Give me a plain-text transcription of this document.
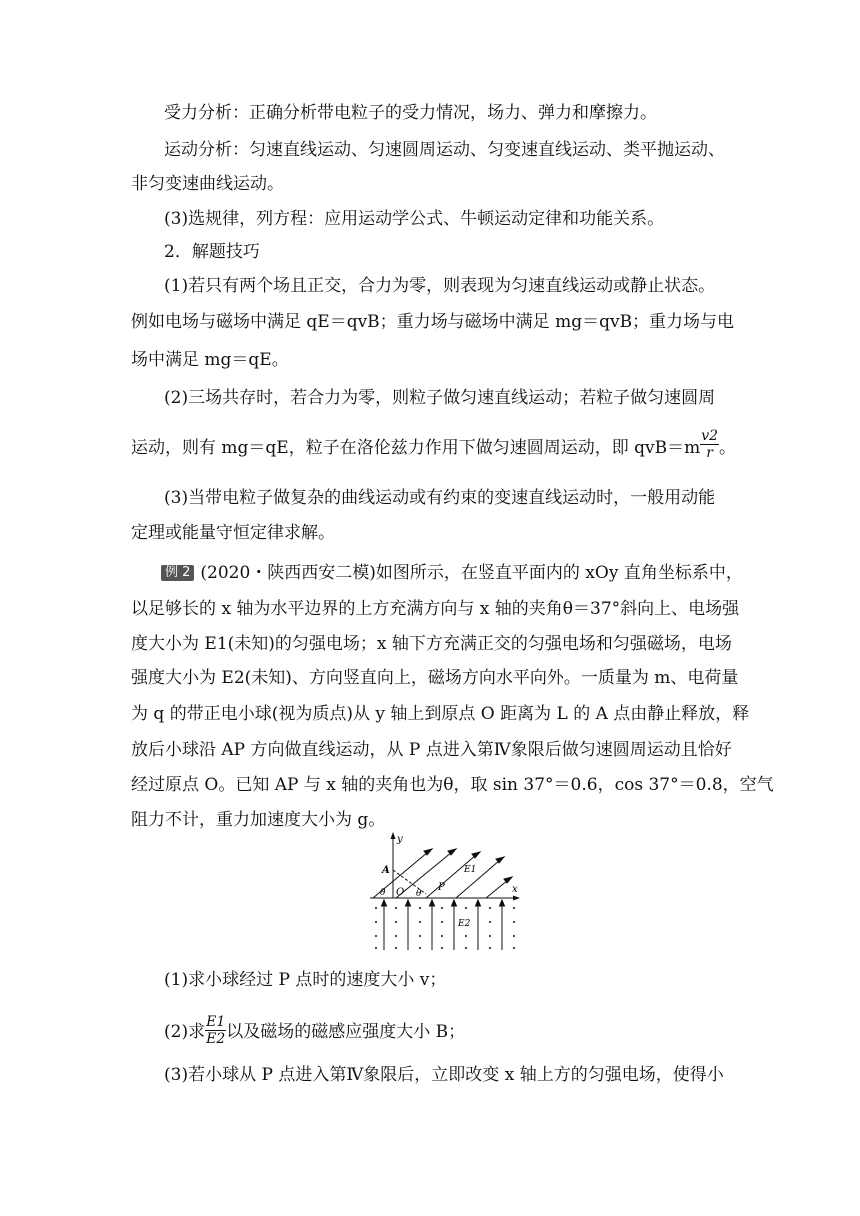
受力分析：正确分析带电粒子的受力情况，场力、弹力和摩擦力。
运动分析：匀速直线运动、匀速圆周运动、匀变速直线运动、类平抛运动、
非匀变速曲线运动。
(3)选规律，列方程：应用运动学公式、牛顿运动定律和功能关系。
2．解题技巧
(1)若只有两个场且正交，合力为零，则表现为匀速直线运动或静止状态。
例如电场与磁场中满足 qE＝qvB；重力场与磁场中满足 mg＝qvB；重力场与电
场中满足 mg＝qE。
(2)三场共存时，若合力为零，则粒子做匀速直线运动；若粒子做匀速圆周
运动，则有 mg＝qE，粒子在洛伦兹力作用下做匀速圆周运动，即 $qvB=m \frac{v2}{r}$ 。
(3)当带电粒子做复杂的曲线运动或有约束的变速直线运动时，一般用动能
定理或能量守恒定律求解。
例 2 (2020・陕西西安二模)如图所示，在竖直平面内的 xOy 直角坐标系中，
以足够长的 x 轴为水平边界的上方充满方向与 x 轴的夹角θ＝37°斜向上、电场强
度大小为 E1(未知)的匀强电场；x 轴下方充满正交的匀强电场和匀强磁场，电场
强度大小为 E2(未知)、方向竖直向上，磁场方向水平向外。一质量为 m、电荷量
为 q 的带正电小球(视为质点)从 y 轴上到原点 O 距离为 L 的 A 点由静止释放，释
放后小球沿 AP 方向做直线运动，从 P 点进入第Ⅳ象限后做匀速圆周运动且恰好
经过原点 O。已知 AP 与 x 轴的夹角也为θ，取 sin 37°＝0.6，cos 37°＝0.8，空气
阻力不计，重力加速度大小为 g。
y
x
A
θ O θ
P
E1
E2
(1)求小球经过 P 点时的速度大小 v；
(2)求 $\frac{E1}{E2}$ 以及磁场的磁感应强度大小 B；
(3)若小球从 P 点进入第Ⅳ象限后，立即改变 x 轴上方的匀强电场，使得小
